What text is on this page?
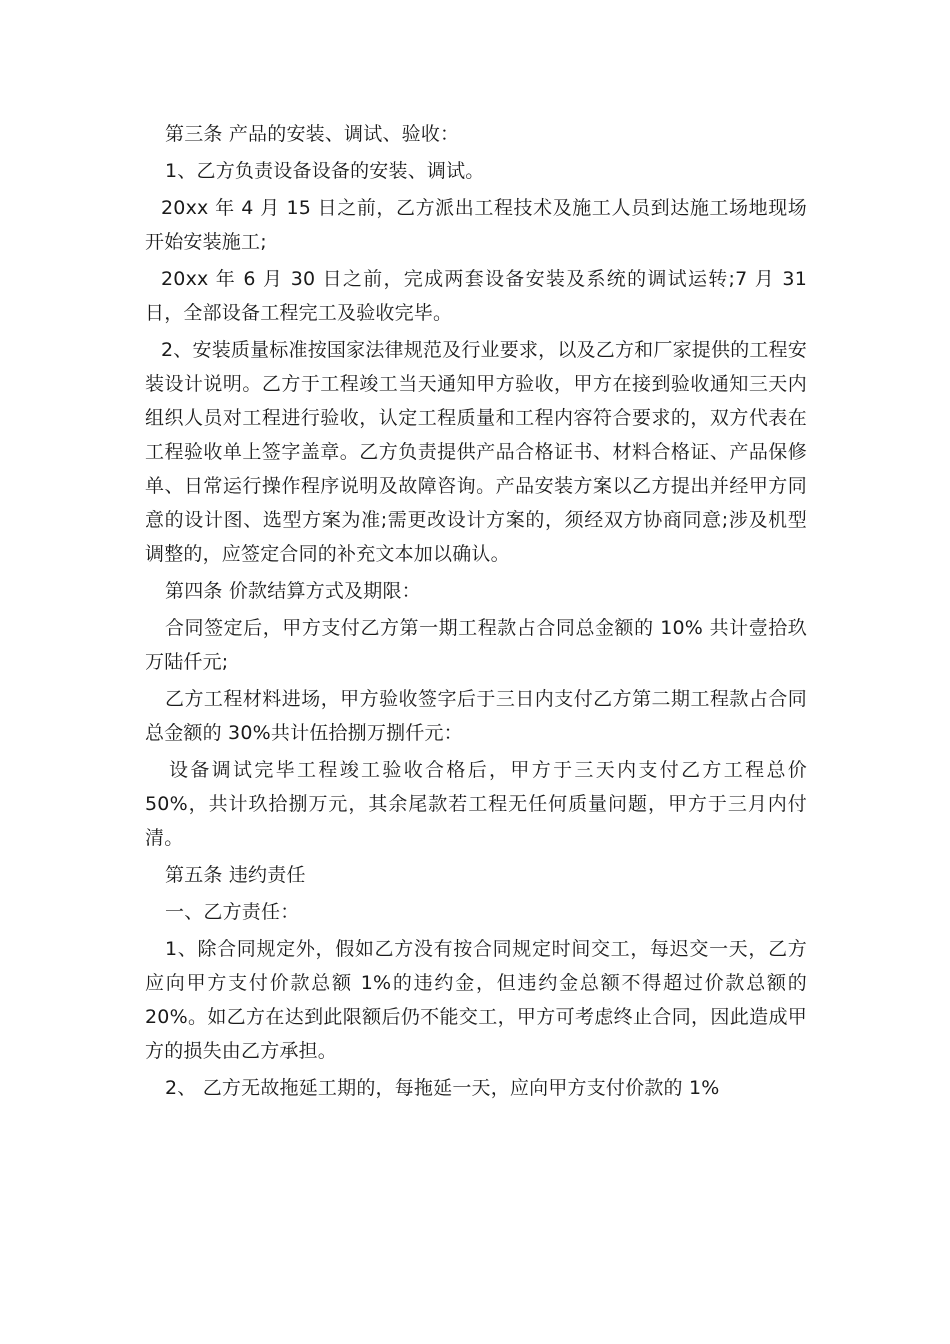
第三条 产品的安装、调试、验收：

1、乙方负责设备设备的安装、调试。

20xx 年 4 月 15 日之前，乙方派出工程技术及施工人员到达施工场地现场开始安装施工;

20xx 年 6 月 30 日之前，完成两套设备安装及系统的调试运转;7 月 31 日，全部设备工程完工及验收完毕。

2、安装质量标准按国家法律规范及行业要求，以及乙方和厂家提供的工程安装设计说明。乙方于工程竣工当天通知甲方验收，甲方在接到验收通知三天内组织人员对工程进行验收，认定工程质量和工程内容符合要求的，双方代表在工程验收单上签字盖章。乙方负责提供产品合格证书、材料合格证、产品保修单、日常运行操作程序说明及故障咨询。产品安装方案以乙方提出并经甲方同意的设计图、选型方案为准;需更改设计方案的，须经双方协商同意;涉及机型调整的，应签定合同的补充文本加以确认。

第四条 价款结算方式及期限：

合同签定后，甲方支付乙方第一期工程款占合同总金额的 10% 共计壹拾玖万陆仟元;

乙方工程材料进场，甲方验收签字后于三日内支付乙方第二期工程款占合同总金额的 30%共计伍拾捌万捌仟元：

设备调试完毕工程竣工验收合格后，甲方于三天内支付乙方工程总价 50%，共计玖拾捌万元，其余尾款若工程无任何质量问题，甲方于三月内付清。

第五条 违约责任

一、乙方责任：

1、除合同规定外，假如乙方没有按合同规定时间交工，每迟交一天，乙方应向甲方支付价款总额 1%的违约金，但违约金总额不得超过价款总额的 20%。如乙方在达到此限额后仍不能交工，甲方可考虑终止合同，因此造成甲方的损失由乙方承担。

2、 乙方无故拖延工期的，每拖延一天，应向甲方支付价款的 1%
